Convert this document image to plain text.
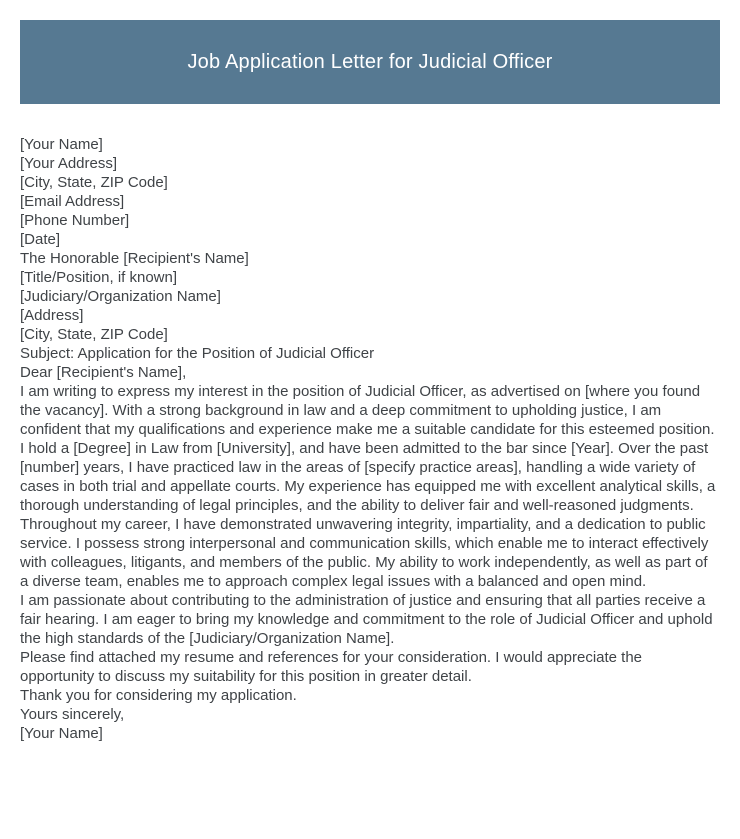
Job Application Letter for Judicial Officer

[Your Name]

[Your Address]

[City, State, ZIP Code]

[Email Address]

[Phone Number]

[Date]

The Honorable [Recipient's Name]

[Title/Position, if known]

[Judiciary/Organization Name]

[Address]

[City, State, ZIP Code]

Subject: Application for the Position of Judicial Officer

Dear [Recipient's Name],

I am writing to express my interest in the position of Judicial Officer, as advertised on [where you found the vacancy]. With a strong background in law and a deep commitment to upholding justice, I am confident that my qualifications and experience make me a suitable candidate for this esteemed position.

I hold a [Degree] in Law from [University], and have been admitted to the bar since [Year]. Over the past [number] years, I have practiced law in the areas of [specify practice areas], handling a wide variety of cases in both trial and appellate courts. My experience has equipped me with excellent analytical skills, a thorough understanding of legal principles, and the ability to deliver fair and well-reasoned judgments.

Throughout my career, I have demonstrated unwavering integrity, impartiality, and a dedication to public service. I possess strong interpersonal and communication skills, which enable me to interact effectively with colleagues, litigants, and members of the public. My ability to work independently, as well as part of a diverse team, enables me to approach complex legal issues with a balanced and open mind.

I am passionate about contributing to the administration of justice and ensuring that all parties receive a fair hearing. I am eager to bring my knowledge and commitment to the role of Judicial Officer and uphold the high standards of the [Judiciary/Organization Name].

Please find attached my resume and references for your consideration. I would appreciate the opportunity to discuss my suitability for this position in greater detail.

Thank you for considering my application.

Yours sincerely,

[Your Name]
